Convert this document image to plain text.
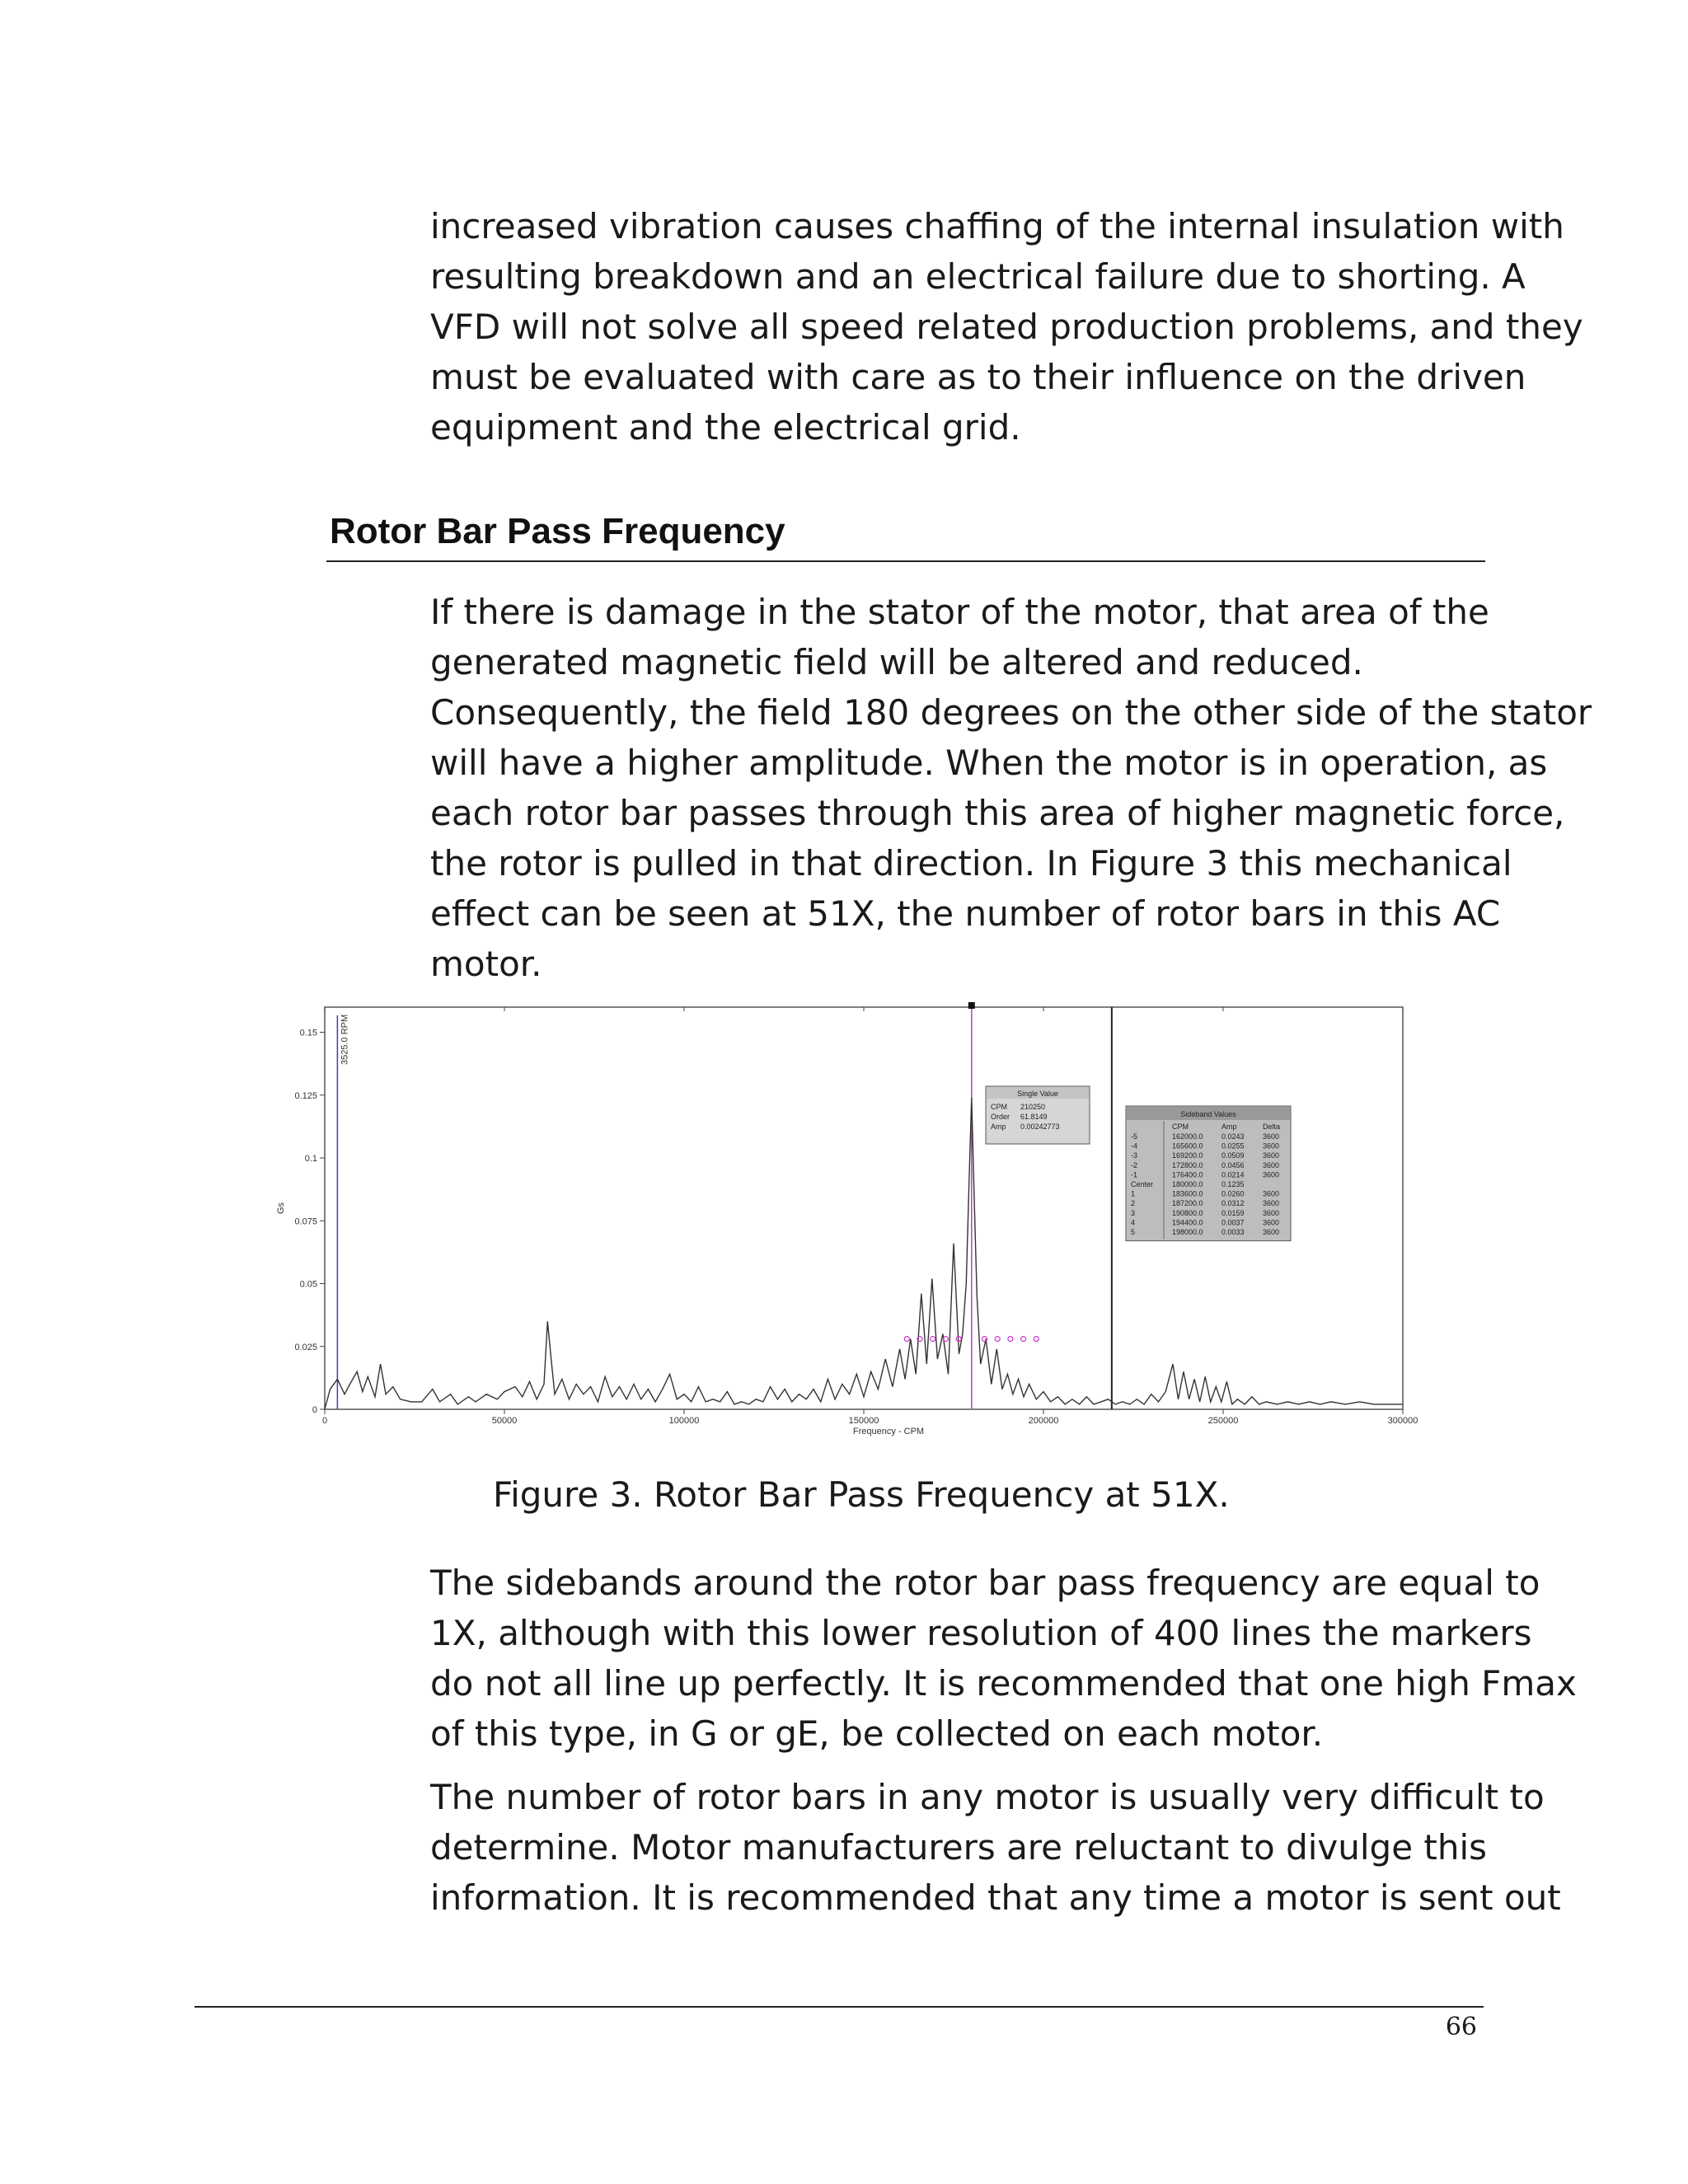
increased vibration causes chaffing of the internal insulation with
resulting breakdown and an electrical failure due to shorting. A
VFD will not solve all speed related production problems, and they
must be evaluated with care as to their influence on the driven
equipment and the electrical grid.
Rotor Bar Pass Frequency
If there is damage in the stator of the motor, that area of the
generated magnetic field will be altered and reduced.
Consequently, the field 180 degrees on the other side of the stator
will have a higher amplitude. When the motor is in operation, as
each rotor bar passes through this area of higher magnetic force,
the rotor is pulled in that direction. In Figure 3 this mechanical
effect can be seen at 51X, the number of rotor bars in this AC
motor.
0
0.025
0.05
0.075
0.1
0.125
0.15
0	50000	100000	150000	200000	250000	300000
Frequency - CPM
Gs
3525.0 RPM
Single Value
CPM 210250
Order 61.8149
Amp 0.00242773
Sideband Values
CPM	Amp	Delta
-5	162000.0 0.0243 3600
-4	165600.0 0.0255 3600
-3	169200.0 0.0509 3600
-2	172800.0 0.0456 3600
-1	176400.0 0.0214 3600
Center	180000.0 0.1235
1	183600.0 0.0260 3600
2	187200.0 0.0312 3600
3	190800.0 0.0159 3600
4	194400.0 0.0037 3600
5	198000.0 0.0033 3600

Figure 3. Rotor Bar Pass Frequency at 51X.

The sidebands around the rotor bar pass frequency are equal to
1X, although with this lower resolution of 400 lines the markers
do not all line up perfectly. It is recommended that one high Fmax
of this type, in G or gE, be collected on each motor.
The number of rotor bars in any motor is usually very difficult to
determine. Motor manufacturers are reluctant to divulge this
information. It is recommended that any time a motor is sent out
66
